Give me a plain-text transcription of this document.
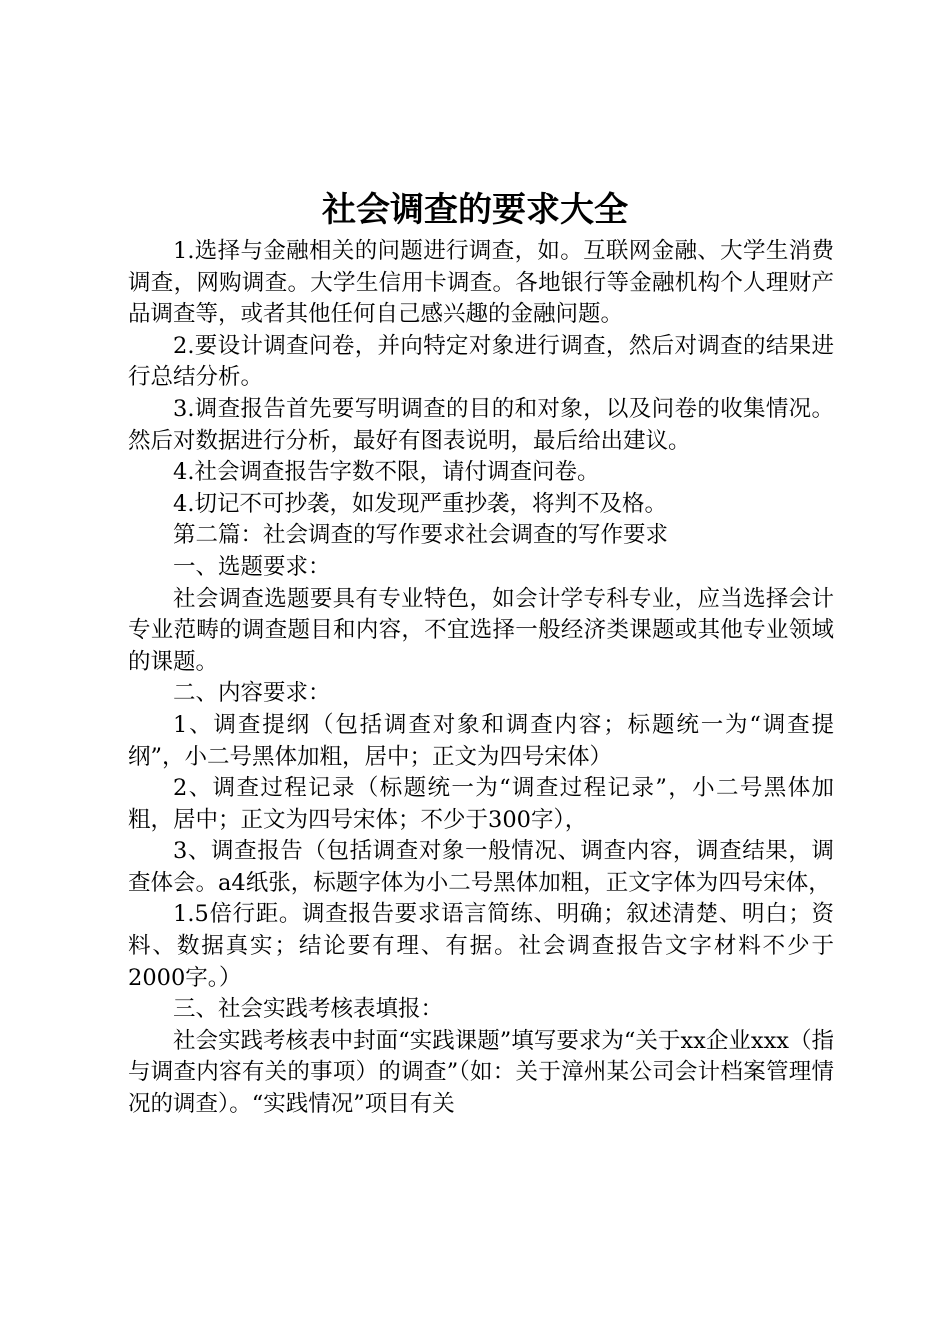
社会调查的要求大全

1.选择与金融相关的问题进行调查，如。互联网金融、大学生消费调查，网购调查。大学生信用卡调查。各地银行等金融机构个人理财产品调查等，或者其他任何自己感兴趣的金融问题。

2.要设计调查问卷，并向特定对象进行调查，然后对调查的结果进行总结分析。

3.调查报告首先要写明调查的目的和对象，以及问卷的收集情况。然后对数据进行分析，最好有图表说明，最后给出建议。

4.社会调查报告字数不限，请付调查问卷。

4.切记不可抄袭，如发现严重抄袭，将判不及格。

第二篇：社会调查的写作要求社会调查的写作要求

一、选题要求：

社会调查选题要具有专业特色，如会计学专科专业，应当选择会计专业范畴的调查题目和内容，不宜选择一般经济类课题或其他专业领域的课题。

二、内容要求：

1、调查提纲（包括调查对象和调查内容；标题统一为“调查提纲”，小二号黑体加粗，居中；正文为四号宋体）

2、调查过程记录（标题统一为“调查过程记录”，小二号黑体加粗，居中；正文为四号宋体；不少于300字），

3、调查报告（包括调查对象一般情况、调查内容，调查结果，调查体会。a4纸张，标题字体为小二号黑体加粗，正文字体为四号宋体，

1.5倍行距。调查报告要求语言简练、明确；叙述清楚、明白；资料、数据真实；结论要有理、有据。社会调查报告文字材料不少于2000字。）

三、社会实践考核表填报：

社会实践考核表中封面“实践课题”填写要求为“关于xx企业xxx（指与调查内容有关的事项）的调查”（如：关于漳州某公司会计档案管理情况的调查）。“实践情况”项目有关
